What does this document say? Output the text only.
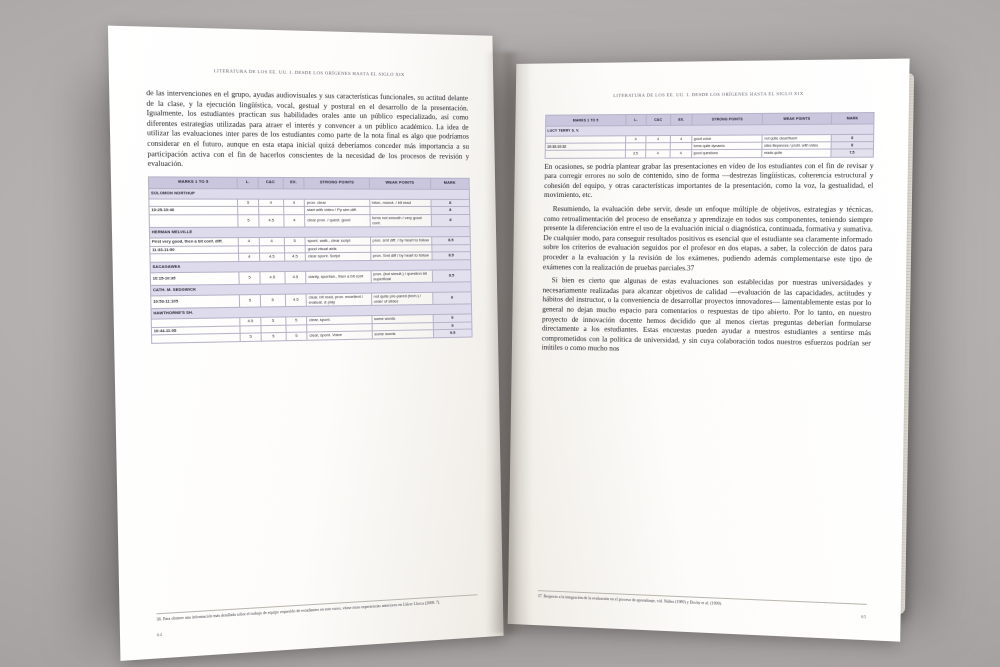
LITERATURA DE LOS EE. UU. I. DESDE LOS ORÍGENES HASTA EL SIGLO XIX

de las intervenciones en el grupo, ayudas audiovisuales y sus características funcionales, su actitud delante de la clase, y la ejecución lingüística, vocal, gestual y postural en el desarrollo de la presentación. Igualmente, los estudiantes practican sus habilidades orales ante un público especializado, así como diferentes estrategias utilizadas para atraer el interés y convencer a un público académico. La idea de utilizar las evaluaciones inter pares de los estudiantes como parte de la nota final es algo que podríamos considerar en el futuro, aunque en esta etapa inicial quizá deberíamos conceder más importancia a su participación activa con el fin de hacerlos conscientes de la necesidad de los procesos de revisión y evaluación.

MARKS 1 TO 5	L.	C&C	EX.	STRONG POINTS	WEAK POINTS	MARK
SOLOMON NORTHUP						
	5	4	4	pron. clear	inton, monot. / bit read	8
10:25-10:46				start with video / Pp stm diff.		8
	5	4.5	4	clear pron. / quest. good	turns not smooth / very good cont.	8
HERMAN MELVILLE						
First very good, then a bit conf. diff.	4	4	5	spont. walk., clear script	pron. smt diff. / by heart to follow	8.5
11:33-11:50				good visual aids		
	4	4.5	4.5	clear spont. Script	pron. Smt diff / by heart to follow	8.5
SACAGAWEA						
10:15-10:35	5	4.5	4.5	clarity, spontan., then a bit conf	pron. (but simult.) / question bit superficial	8.5
CATH. M. SEDGWICK						
10:53-11:105	5	5	4.5	clear, bit read, pron. excellent / evaluat. & play	not quite pre-pared (tech.) / order of slides	9
HAWTHORNE'S SH.						
	4.5	5	5	clear, spont.	some words	9
10:44-11:05						9
	5	5	5	clear, spont. Voice	some words	9.5
36. Para obtener una información más detallada sobre el trabajo de equipo requerido de estudiantes en este curso, véase otras experiencias anteriores en Llácer Llorca (2008: 7).
64
LITERATURA DE LOS EE. UU. I. DESDE LOS ORÍGENES HASTA EL SIGLO XIX
MARKS 1 TO 5	L.	C&C	EX.	STRONG POINTS	WEAK POINTS	MARK
LUCY TERRY S. V.						
	4	4	4	good voice	not quite clear/fluent	8
10:33-10:32				turns quite dynamic	slies Beyances / probl. with video	8
	3.5	4	4	good questions	reads quite	7.5

En ocasiones, se podría plantear grabar las presentaciones en vídeo de los estudiantes con el fin de revisar y para corregir errores no solo de contenido, sino de forma —destrezas lingüísticas, coherencia estructural y cohesión del equipo, y otras características importantes de la presentación, como la voz, la gestualidad, el movimiento, etc.

Resumiendo, la evaluación debe servir, desde un enfoque múltiple de objetivos, estrategias y técnicas, como retroalimentación del proceso de enseñanza y aprendizaje en todos sus componentes, teniendo siempre presente la diferenciación entre el uso de la evaluación inicial o diagnóstica, continuada, formativa y sumativa. De cualquier modo, para conseguir resultados positivos es esencial que el estudiante sea claramente informado sobre los criterios de evaluación seguidos por el profesor en dos etapas, a saber, la colección de datos para proceder a la evaluación y la revisión de los exámenes, pudiendo además complementarse este tipo de exámenes con la realización de pruebas parciales.37

Si bien es cierto que algunas de estas evaluaciones son establecidas por nuestras universidades y necesariamente realizadas para alcanzar objetivos de calidad —evaluación de las capacidades, actitudes y hábitos del instructor, o la conveniencia de desarrollar proyectos innovadores— lamentablemente estas por lo general no dejan mucho espacio para comentarios o respuestas de tipo abierto. Por lo tanto, en nuestro proyecto de innovación docente hemos decidido que al menos ciertas preguntas deberían formularse directamente a los estudiantes. Estas encuestas pueden ayudar a nuestros estudiantes a sentirse más comprometidos con la política de universidad, y sin cuya colaboración todos nuestros esfuerzos podrían ser inútiles o como mucho nos

37. Respecto a la integración de la evaluación en el proceso de aprendizaje, vid. Núñez (1989) y Dochy et al. (1999).
65
